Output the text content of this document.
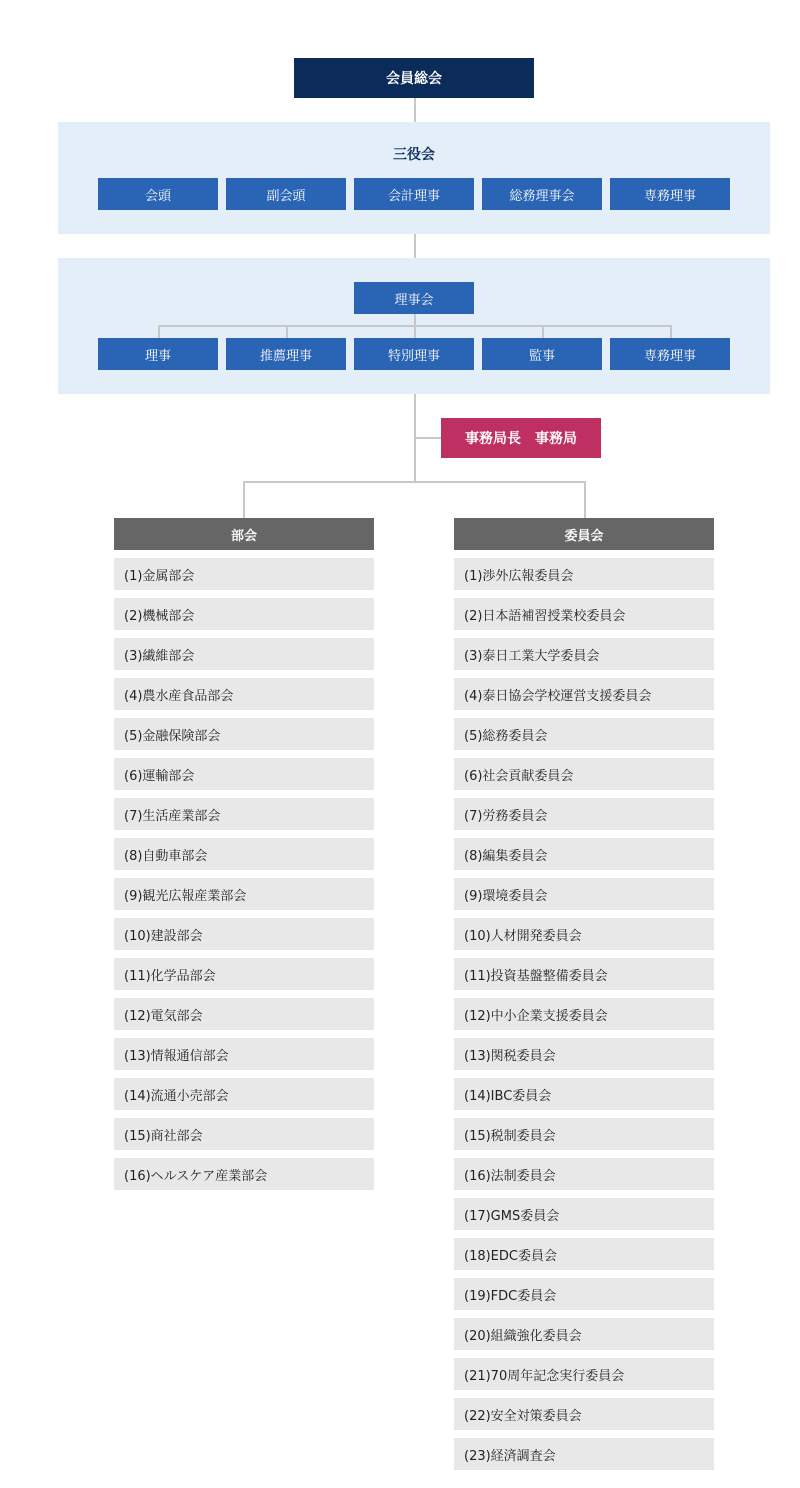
会員総会
三役会
会頭	副会頭	会計理事	総務理事会	専務理事
理事会
理事	推薦理事	特別理事	監事	専務理事
事務局長　事務局
部会
(1)金属部会
(2)機械部会
(3)繊維部会
(4)農水産食品部会
(5)金融保険部会
(6)運輸部会
(7)生活産業部会
(8)自動車部会
(9)観光広報産業部会
(10)建設部会
(11)化学品部会
(12)電気部会
(13)情報通信部会
(14)流通小売部会
(15)商社部会
(16)ヘルスケア産業部会
委員会
(1)渉外広報委員会
(2)日本語補習授業校委員会
(3)泰日工業大学委員会
(4)泰日協会学校運営支援委員会
(5)総務委員会
(6)社会貢献委員会
(7)労務委員会
(8)編集委員会
(9)環境委員会
(10)人材開発委員会
(11)投資基盤整備委員会
(12)中小企業支援委員会
(13)関税委員会
(14)IBC委員会
(15)税制委員会
(16)法制委員会
(17)GMS委員会
(18)EDC委員会
(19)FDC委員会
(20)組織強化委員会
(21)70周年記念実行委員会
(22)安全対策委員会
(23)経済調査会
